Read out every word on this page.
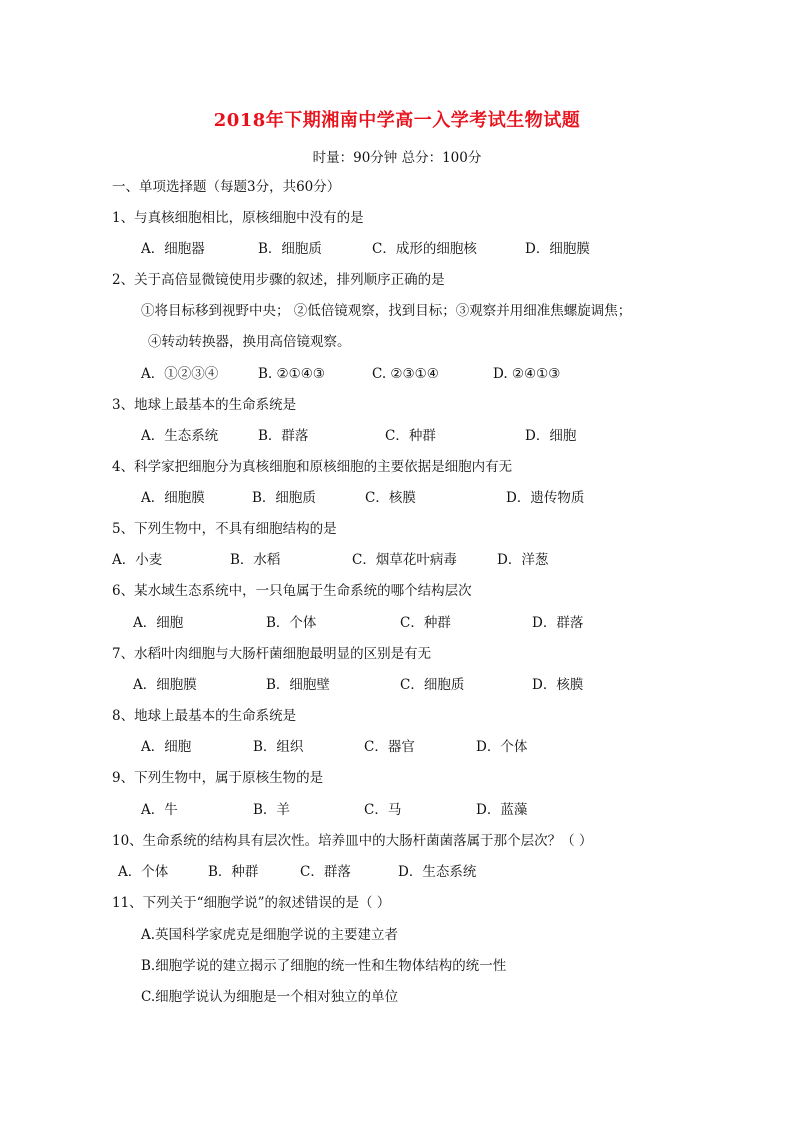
2018年下期湘南中学高一入学考试生物试题
时量：90分钟 总分：100分
一、单项选择题（每题3分，共60分）
1、与真核细胞相比，原核细胞中没有的是
A．细胞器	B．细胞质	C．成形的细胞核	D．细胞膜
2、关于高倍显微镜使用步骤的叙述，排列顺序正确的是
①将目标移到视野中央； ②低倍镜观察，找到目标；③观察并用细准焦螺旋调焦；
④转动转换器，换用高倍镜观察。
A．①②③④	B. ②①④③	C. ②③①④	D. ②④①③
3、地球上最基本的生命系统是
A．生态系统	B．群落	C．种群	D．细胞
4、科学家把细胞分为真核细胞和原核细胞的主要依据是细胞内有无
A．细胞膜	B．细胞质	C．核膜	D．遗传物质
5、下列生物中，不具有细胞结构的是
A．小麦	B．水稻	C．烟草花叶病毒	D．洋葱
6、某水域生态系统中，一只龟属于生命系统的哪个结构层次
A．细胞	B．个体	C．种群	D．群落
7、水稻叶肉细胞与大肠杆菌细胞最明显的区别是有无
A．细胞膜	B．细胞壁	C．细胞质	D．核膜
8、地球上最基本的生命系统是
A．细胞	B．组织	C．器官	D．个体
9、下列生物中，属于原核生物的是
A．牛	B．羊	C．马	D．蓝藻
10、生命系统的结构具有层次性。培养皿中的大肠杆菌菌落属于那个层次？（ ）
A．个体	B．种群	C．群落	D．生态系统
11、下列关于“细胞学说”的叙述错误的是（ ）
A.英国科学家虎克是细胞学说的主要建立者
B.细胞学说的建立揭示了细胞的统一性和生物体结构的统一性
C.细胞学说认为细胞是一个相对独立的单位
